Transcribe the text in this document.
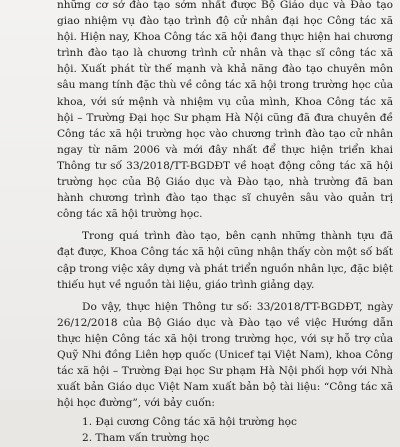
những cơ sở đào tạo sớm nhất được Bộ Giáo dục và Đào tạo giao nhiệm vụ đào tạo trình độ cử nhân đại học Công tác xã hội. Hiện nay, Khoa Công tác xã hội đang thực hiện hai chương trình đào tạo là chương trình cử nhân và thạc sĩ công tác xã hội. Xuất phát từ thế mạnh và khả năng đào tạo chuyên môn sâu mang tính đặc thù về công tác xã hội trong trường học của khoa, với sứ mệnh và nhiệm vụ của mình, Khoa Công tác xã hội – Trường Đại học Sư phạm Hà Nội cũng đã đưa chuyên đề Công tác xã hội trường học vào chương trình đào tạo cử nhân ngay từ năm 2006 và mới đây nhất để thực hiện triển khai Thông tư số 33/2018/TT-BGDĐT về hoạt động công tác xã hội trường học của Bộ Giáo dục và Đào tạo, nhà trường đã ban hành chương trình đào tạo thạc sĩ chuyên sâu vào quản trị công tác xã hội trường học.

Trong quá trình đào tạo, bên cạnh những thành tựu đã đạt được, Khoa Công tác xã hội cũng nhận thấy còn một số bất cập trong việc xây dựng và phát triển nguồn nhân lực, đặc biệt thiếu hụt về nguồn tài liệu, giáo trình giảng dạy.

Do vậy, thực hiện Thông tư số: 33/2018/TT-BGDĐT, ngày 26/12/2018 của Bộ Giáo dục và Đào tạo về việc Hướng dẫn thực hiện Công tác xã hội trong trường học, với sự hỗ trợ của Quỹ Nhi đồng Liên hợp quốc (Unicef tại Việt Nam), khoa Công tác xã hội – Trường Đại học Sư phạm Hà Nội phối hợp với Nhà xuất bản Giáo dục Việt Nam xuất bản bộ tài liệu: “Công tác xã hội học đường”, với bảy cuốn:

1. Đại cương Công tác xã hội trường học
2. Tham vấn trường học
